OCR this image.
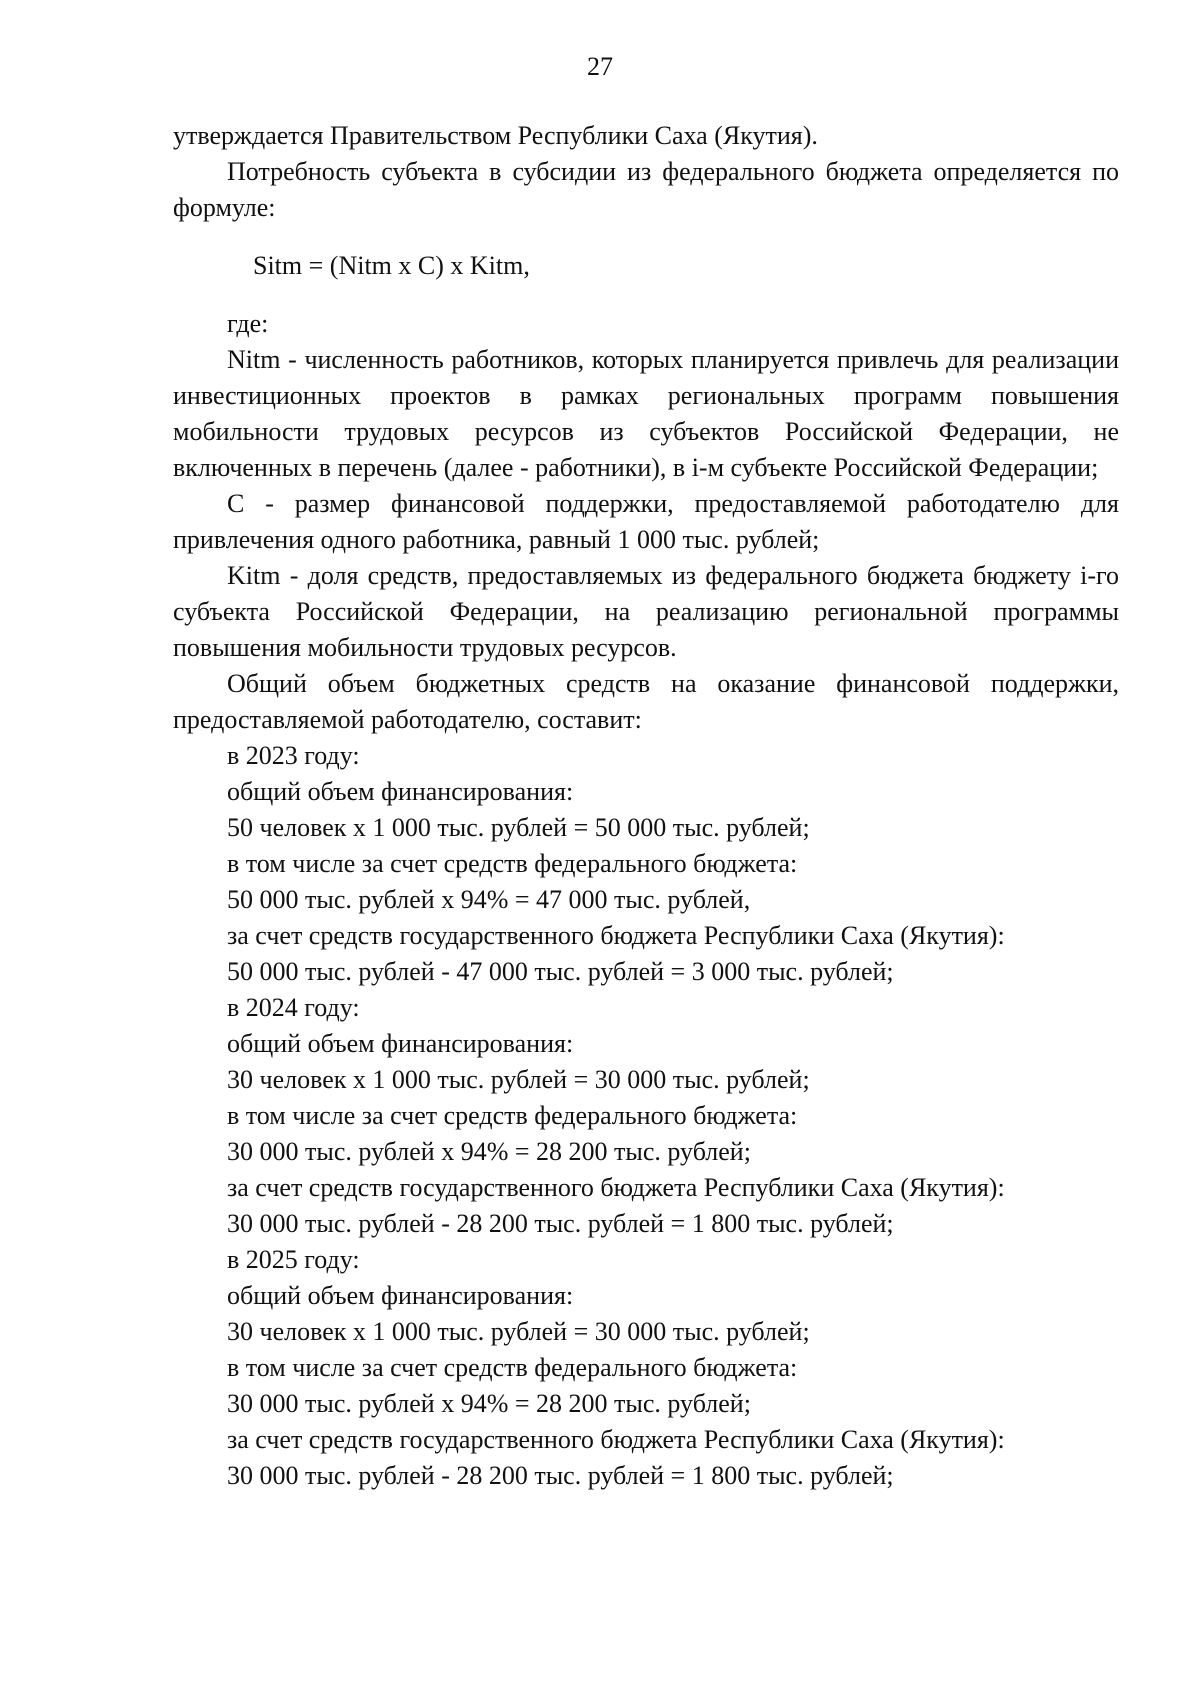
27

утверждается Правительством Республики Саха (Якутия).

Потребность субъекта в субсидии из федерального бюджета определяется по формуле:

Sitm = (Nitm x C) x Kitm,

где:

Nitm - численность работников, которых планируется привлечь для реализации инвестиционных проектов в рамках региональных программ повышения мобильности трудовых ресурсов из субъектов Российской Федерации, не включенных в перечень (далее - работники), в i-м субъекте Российской Федерации;

C - размер финансовой поддержки, предоставляемой работодателю для привлечения одного работника, равный 1 000 тыс. рублей;

Kitm - доля средств, предоставляемых из федерального бюджета бюджету i-го субъекта Российской Федерации, на реализацию региональной программы повышения мобильности трудовых ресурсов.

Общий объем бюджетных средств на оказание финансовой поддержки, предоставляемой работодателю, составит:

в 2023 году:

общий объем финансирования:

50 человек x 1 000 тыс. рублей = 50 000 тыс. рублей;

в том числе за счет средств федерального бюджета:

50 000 тыс. рублей x 94% = 47 000 тыс. рублей,

за счет средств государственного бюджета Республики Саха (Якутия):

50 000 тыс. рублей - 47 000 тыс. рублей = 3 000 тыс. рублей;

в 2024 году:

общий объем финансирования:

30 человек x 1 000 тыс. рублей = 30 000 тыс. рублей;

в том числе за счет средств федерального бюджета:

30 000 тыс. рублей x 94% = 28 200 тыс. рублей;

за счет средств государственного бюджета Республики Саха (Якутия):

30 000 тыс. рублей - 28 200 тыс. рублей = 1 800 тыс. рублей;

в 2025 году:

общий объем финансирования:

30 человек x 1 000 тыс. рублей = 30 000 тыс. рублей;

в том числе за счет средств федерального бюджета:

30 000 тыс. рублей x 94% = 28 200 тыс. рублей;

за счет средств государственного бюджета Республики Саха (Якутия):

30 000 тыс. рублей - 28 200 тыс. рублей = 1 800 тыс. рублей;
